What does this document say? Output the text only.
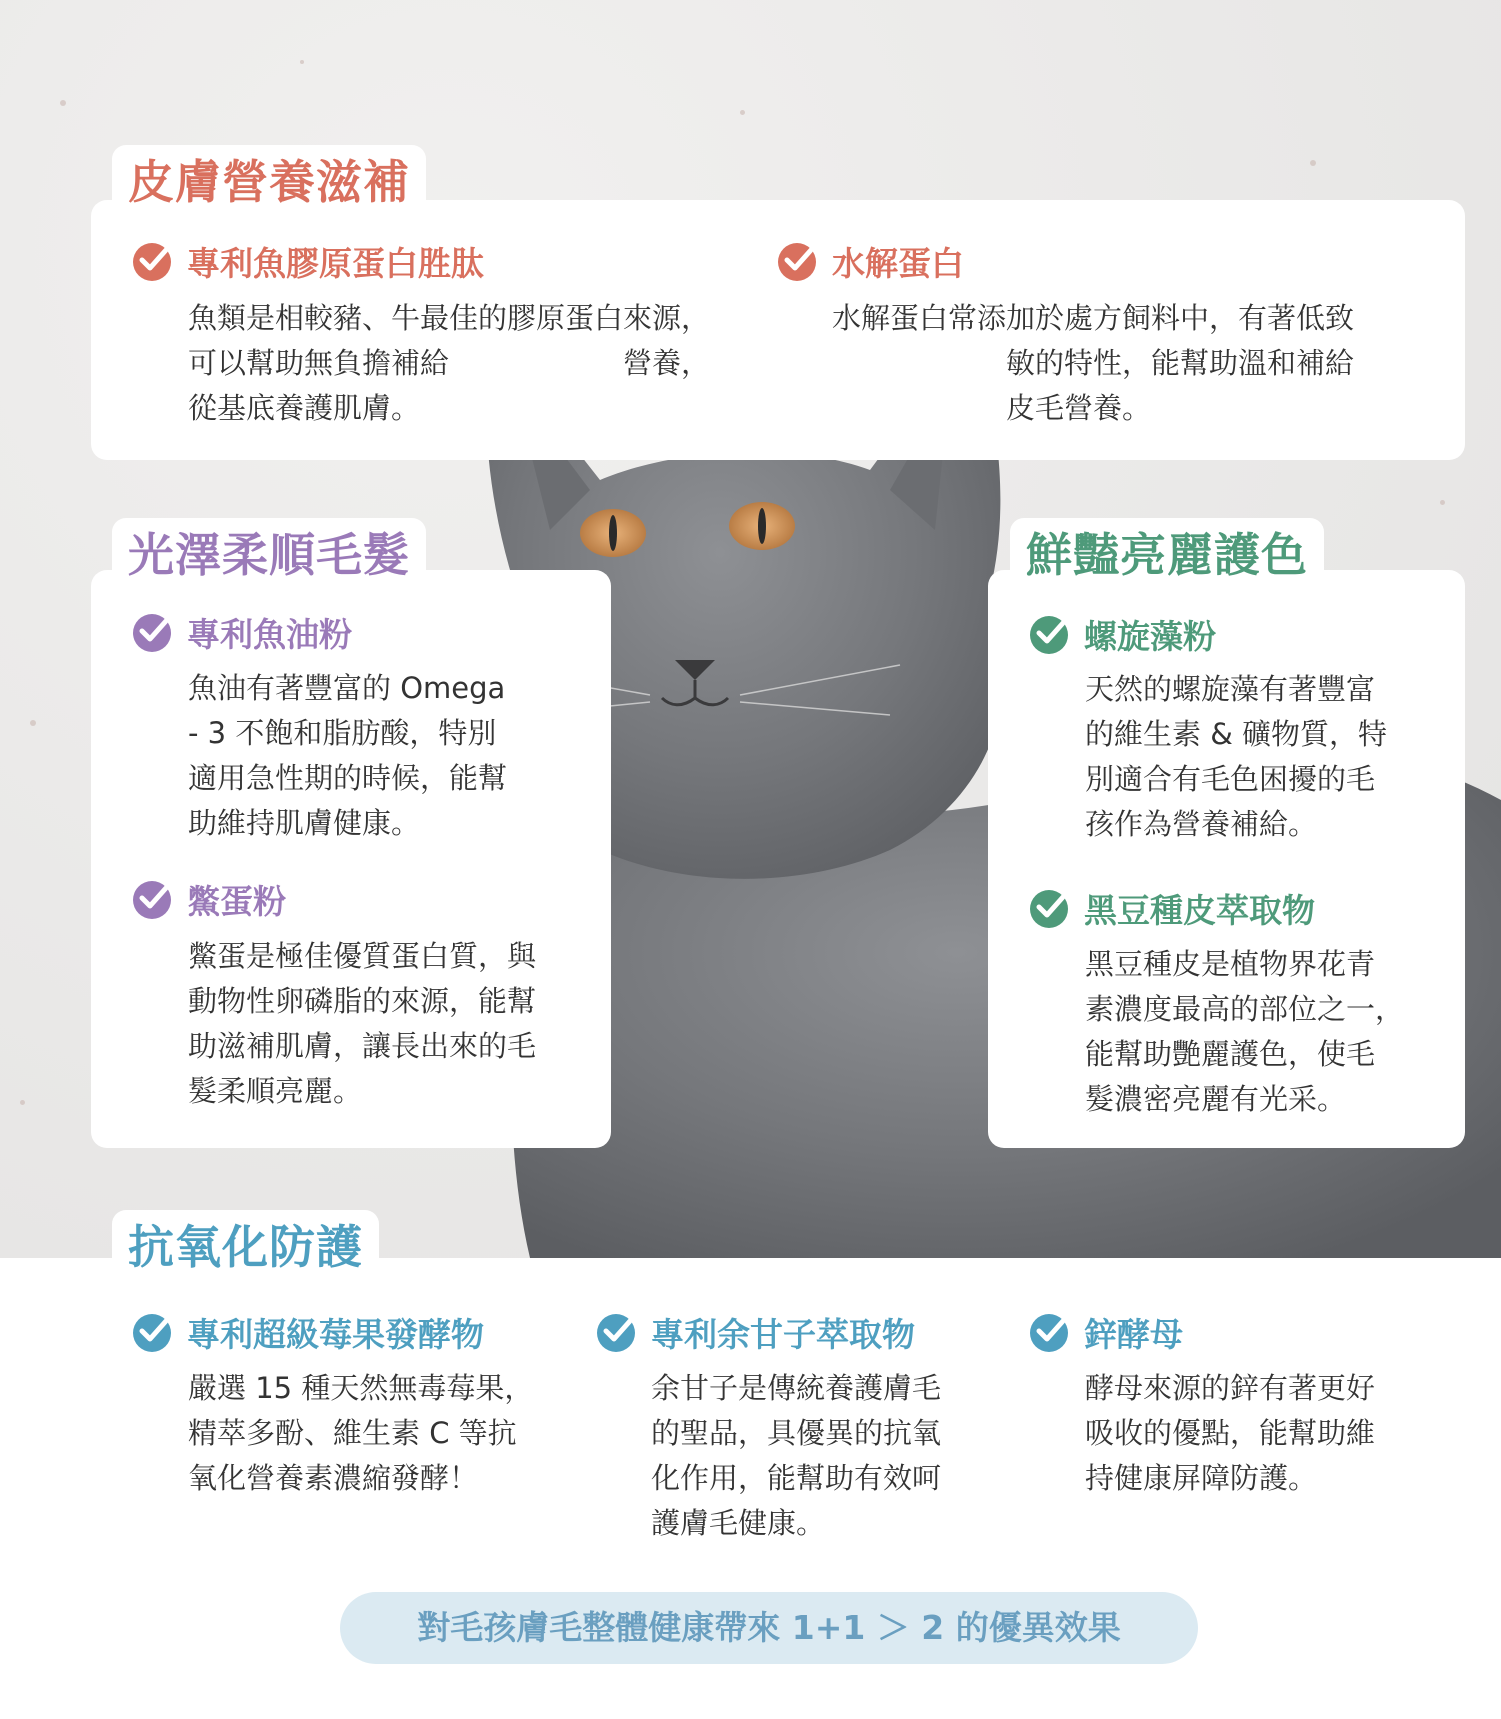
皮膚營養滋補
專利魚膠原蛋白胜肽
魚類是相較豬、牛最佳的膠原蛋白來源，
可以幫助無負擔補給　　　　　　營養，
從基底養護肌膚。
水解蛋白
水解蛋白常添加於處方飼料中，有著低致
　　　　　　敏的特性，能幫助溫和補給
　　　　　　皮毛營養。
光澤柔順毛髮
專利魚油粉
魚油有著豐富的 Omega
- 3 不飽和脂肪酸，特別
適用急性期的時候，能幫
助維持肌膚健康。
鱉蛋粉
鱉蛋是極佳優質蛋白質，與
動物性卵磷脂的來源，能幫
助滋補肌膚，讓長出來的毛
髮柔順亮麗。
鮮豔亮麗護色
螺旋藻粉
天然的螺旋藻有著豐富
的維生素 & 礦物質，特
別適合有毛色困擾的毛
孩作為營養補給。
黑豆種皮萃取物
黑豆種皮是植物界花青
素濃度最高的部位之一，
能幫助艷麗護色，使毛
髮濃密亮麗有光采。
抗氧化防護
專利超級莓果發酵物
嚴選 15 種天然無毒莓果，
精萃多酚、維生素 C 等抗
氧化營養素濃縮發酵！
專利余甘子萃取物
余甘子是傳統養護膚毛
的聖品，具優異的抗氧
化作用，能幫助有效呵
護膚毛健康。
鋅酵母
酵母來源的鋅有著更好
吸收的優點，能幫助維
持健康屏障防護。
對毛孩膚毛整體健康帶來 1+1 ＞ 2 的優異效果
